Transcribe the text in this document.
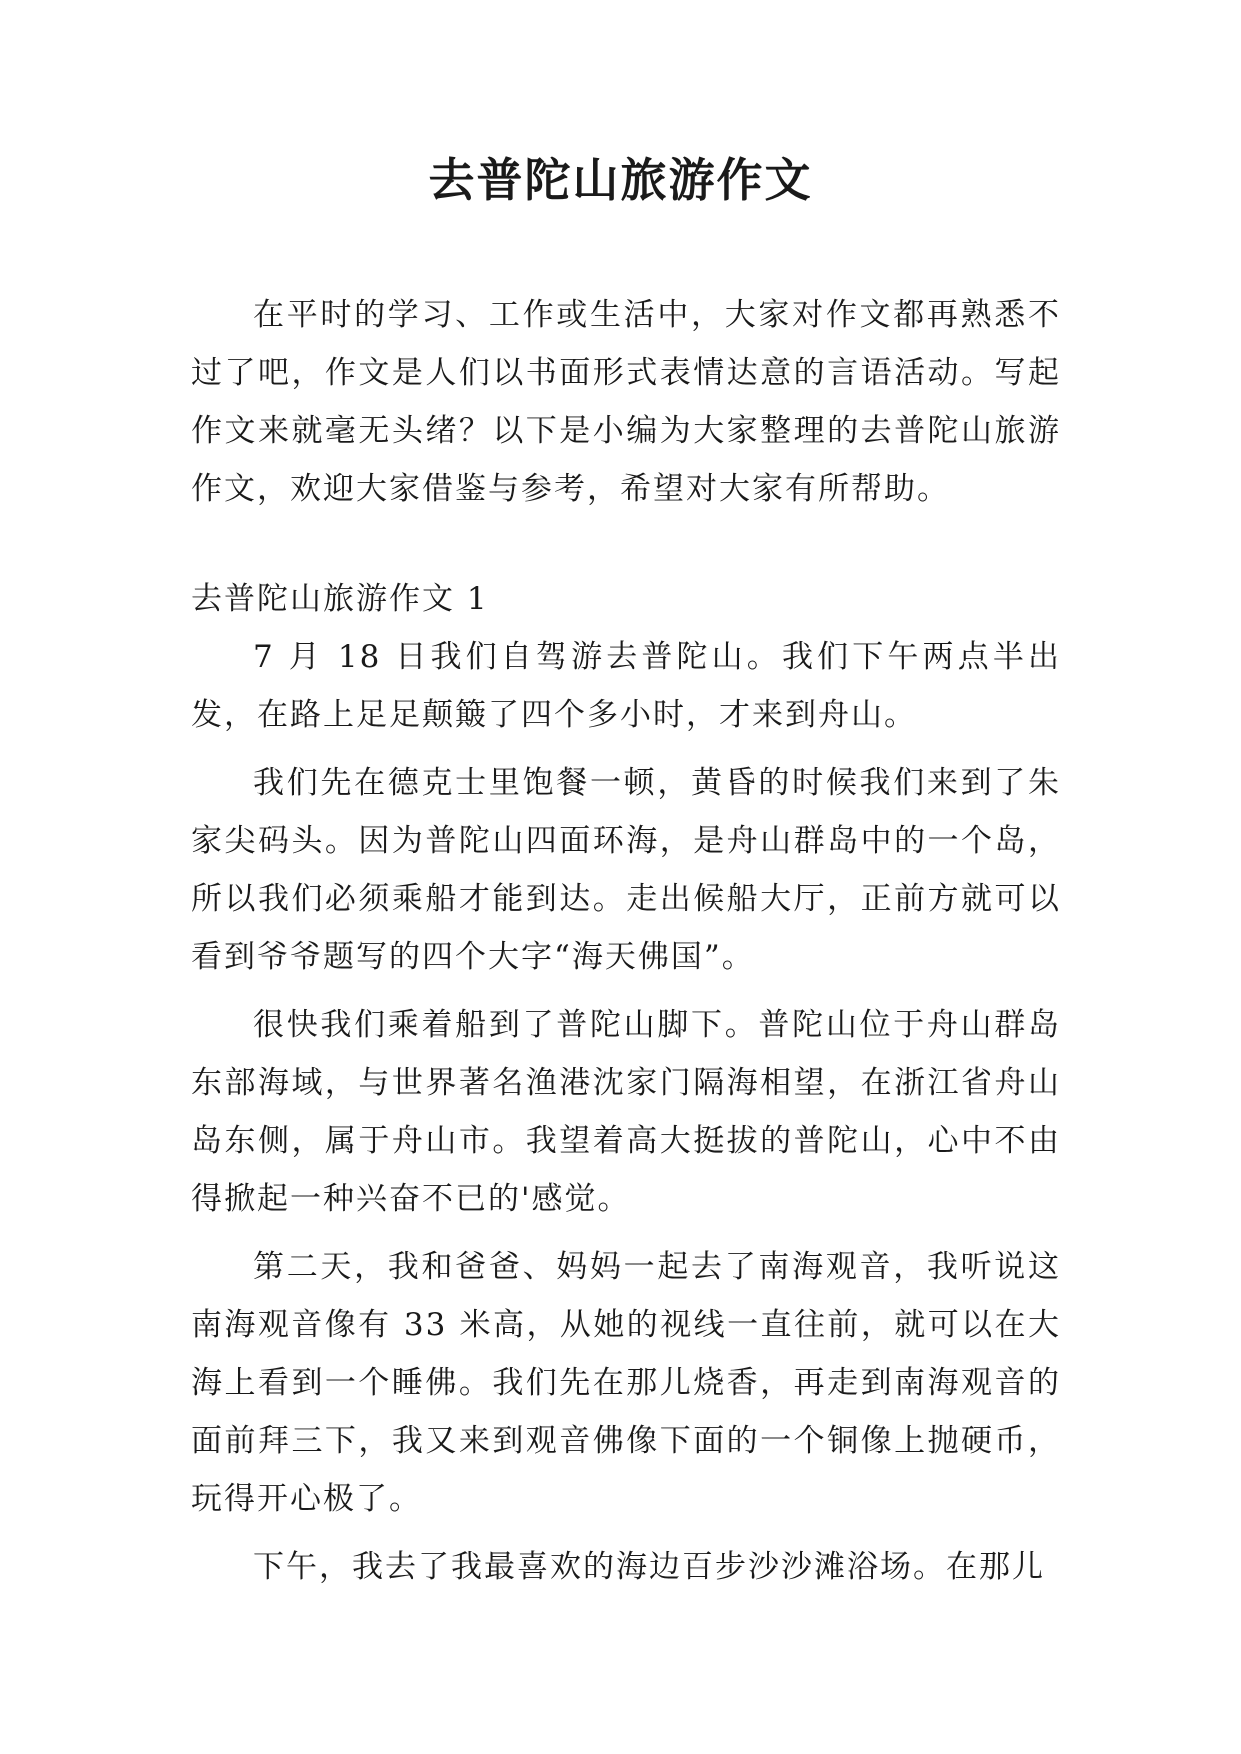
去普陀山旅游作文

在平时的学习、工作或生活中，大家对作文都再熟悉不过了吧，作文是人们以书面形式表情达意的言语活动。写起作文来就毫无头绪？以下是小编为大家整理的去普陀山旅游作文，欢迎大家借鉴与参考，希望对大家有所帮助。

去普陀山旅游作文 1

7 月 18 日我们自驾游去普陀山。我们下午两点半出发，在路上足足颠簸了四个多小时，才来到舟山。

我们先在德克士里饱餐一顿，黄昏的时候我们来到了朱家尖码头。因为普陀山四面环海，是舟山群岛中的一个岛，所以我们必须乘船才能到达。走出候船大厅，正前方就可以看到爷爷题写的四个大字“海天佛国”。

很快我们乘着船到了普陀山脚下。普陀山位于舟山群岛东部海域，与世界著名渔港沈家门隔海相望，在浙江省舟山岛东侧，属于舟山市。我望着高大挺拔的普陀山，心中不由得掀起一种兴奋不已的'感觉。

第二天，我和爸爸、妈妈一起去了南海观音，我听说这南海观音像有 33 米高，从她的视线一直往前，就可以在大海上看到一个睡佛。我们先在那儿烧香，再走到南海观音的面前拜三下，我又来到观音佛像下面的一个铜像上抛硬币，玩得开心极了。

下午，我去了我最喜欢的海边百步沙沙滩浴场。在那儿
